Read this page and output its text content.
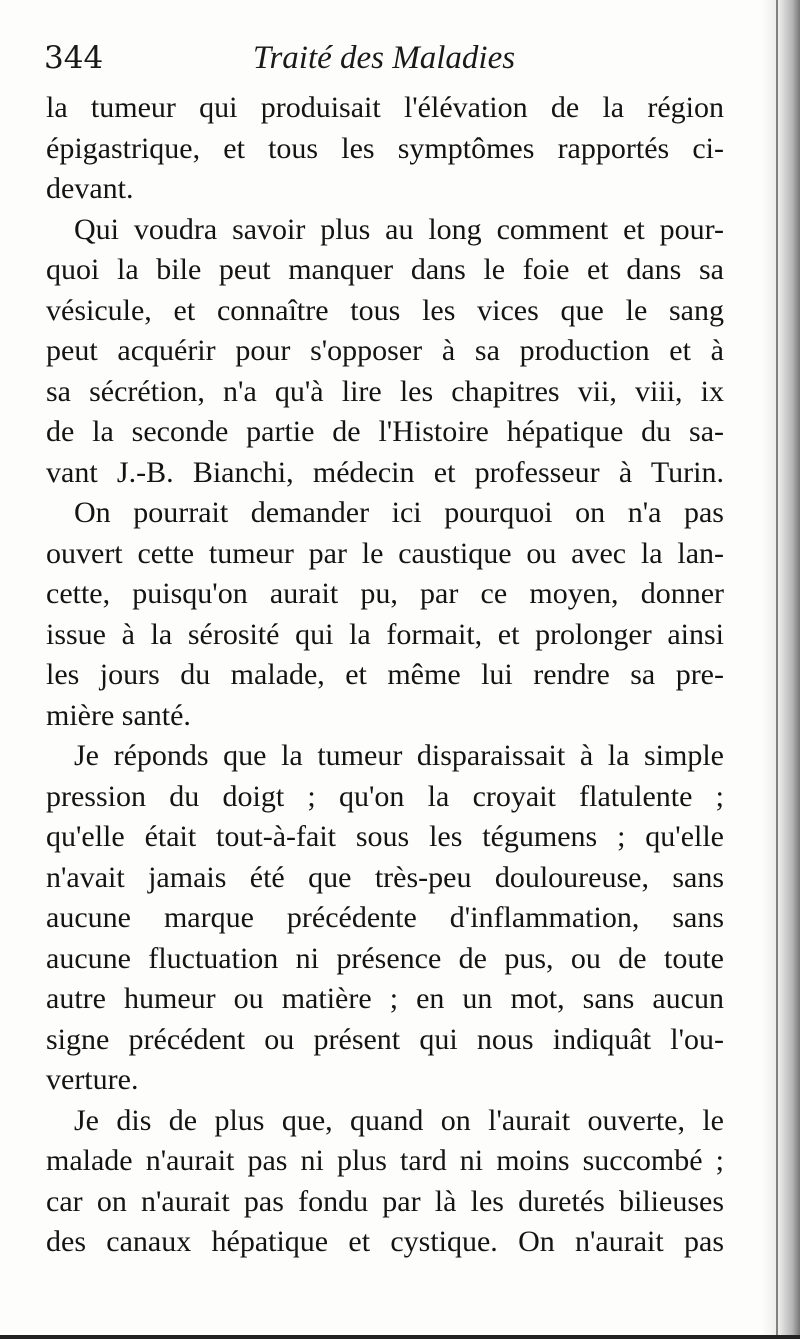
344	Traité des Maladies

la tumeur qui produisait l'élévation de la région
épigastrique, et tous les symptômes rapportés ci-
devant.

Qui voudra savoir plus au long comment et pour-
quoi la bile peut manquer dans le foie et dans sa
vésicule, et connaître tous les vices que le sang
peut acquérir pour s'opposer à sa production et à
sa sécrétion, n'a qu'à lire les chapitres vii, viii, ix
de la seconde partie de l'Histoire hépatique du sa-
vant J.-B. Bianchi, médecin et professeur à Turin.

On pourrait demander ici pourquoi on n'a pas
ouvert cette tumeur par le caustique ou avec la lan-
cette, puisqu'on aurait pu, par ce moyen, donner
issue à la sérosité qui la formait, et prolonger ainsi
les jours du malade, et même lui rendre sa pre-
mière santé.

Je réponds que la tumeur disparaissait à la simple
pression du doigt ; qu'on la croyait flatulente ;
qu'elle était tout-à-fait sous les tégumens ; qu'elle
n'avait jamais été que très-peu douloureuse, sans
aucune marque précédente d'inflammation, sans
aucune fluctuation ni présence de pus, ou de toute
autre humeur ou matière ; en un mot, sans aucun
signe précédent ou présent qui nous indiquât l'ou-
verture.

Je dis de plus que, quand on l'aurait ouverte, le
malade n'aurait pas ni plus tard ni moins succombé ;
car on n'aurait pas fondu par là les duretés bilieuses
des canaux hépatique et cystique. On n'aurait pas
